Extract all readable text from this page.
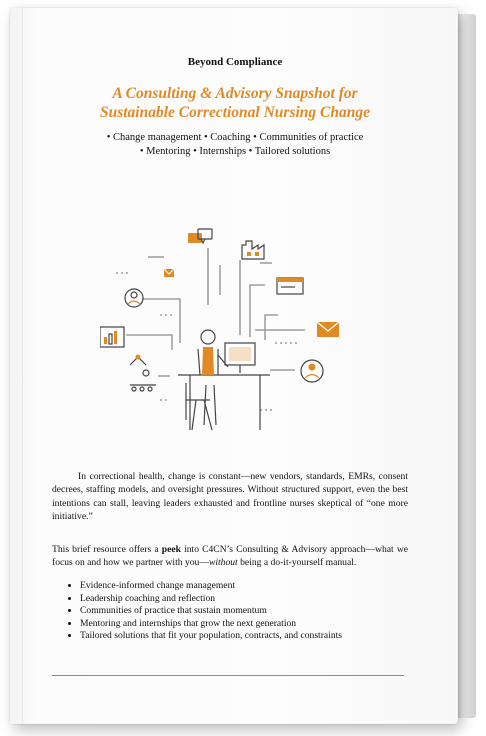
Beyond Compliance
A Consulting & Advisory Snapshot for
Sustainable Correctional Nursing Change
• Change management • Coaching • Communities of practice
• Mentoring • Internships • Tailored solutions
In correctional health, change is constant—new vendors, standards, EMRs, consent decrees, staffing models, and oversight pressures. Without structured support, even the best intentions can stall, leaving leaders exhausted and frontline nurses skeptical of “one more initiative.”
This brief resource offers a peek into C4CN’s Consulting & Advisory approach—what we focus on and how we partner with you—without being a do-it-yourself manual.
• Evidence-informed change management
• Leadership coaching and reflection
• Communities of practice that sustain momentum
• Mentoring and internships that grow the next generation
• Tailored solutions that fit your population, contracts, and constraints
